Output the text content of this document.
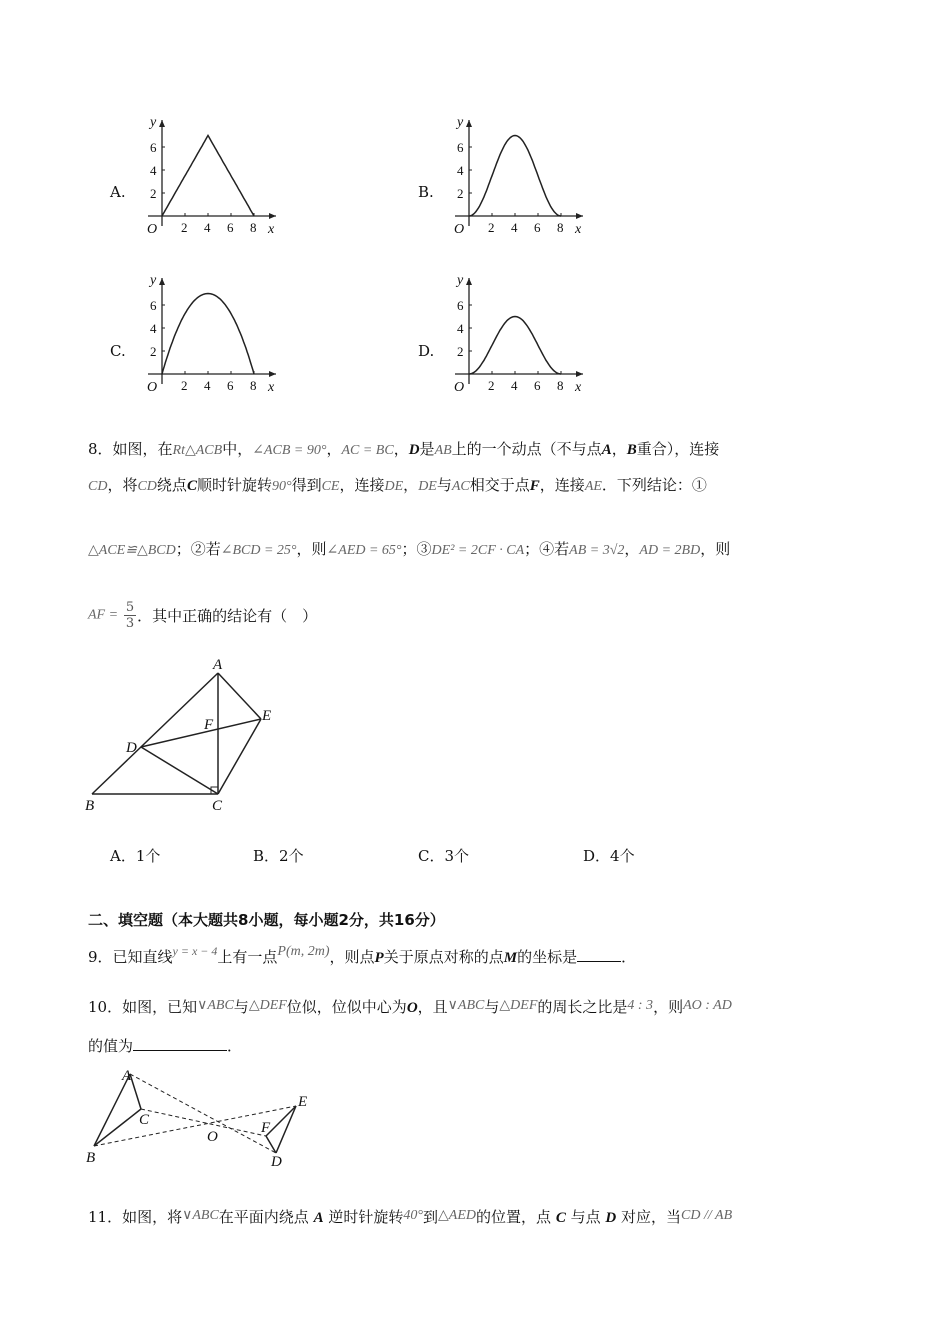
A.
2 4 6 8
2
4
6
O	x
y
B.
2 4 6 8
2
4
6
O	x
y
C.
2 4 6 8
2
4
6
O	x
y
D.
2 4 6 8
2
4
6
O	x
y
8．如图，在Rt△ACB中，∠ACB = 90°，AC = BC，D是AB上的一个动点（不与点A，B重合），连接
CD，将CD绕点C顺时针旋转90°得到CE，连接DE，DE与AC相交于点F，连接AE．下列结论：①
△ACE≌△BCD；②若∠BCD = 25°，则∠AED = 65°；③DE² = 2CF · CA；④若AB = 3√2，AD = 2BD，则
AF = $\frac{5}{3}$ ．其中正确的结论有（　）
A
B	C
D
E
F
A．1个	B．2个	C．3个	D．4个
二、填空题（本大题共8小题，每小题2分，共16分）
9．已知直线$^{y = x - 4}$上有一点P(m, 2m)，则点P关于原点对称的点M的坐标是	．
10．如图，已知∨ABC与△DEF位似，位似中心为O，且∨ABC与△DEF的周长之比是4 : 3，则AO : AD
的值为	．
A
B
C
D
E
F
O
11．如图，将∨ABC在平面内绕点 A 逆时针旋转40°到△AED的位置，点 C 与点 D 对应，当CD // AB
